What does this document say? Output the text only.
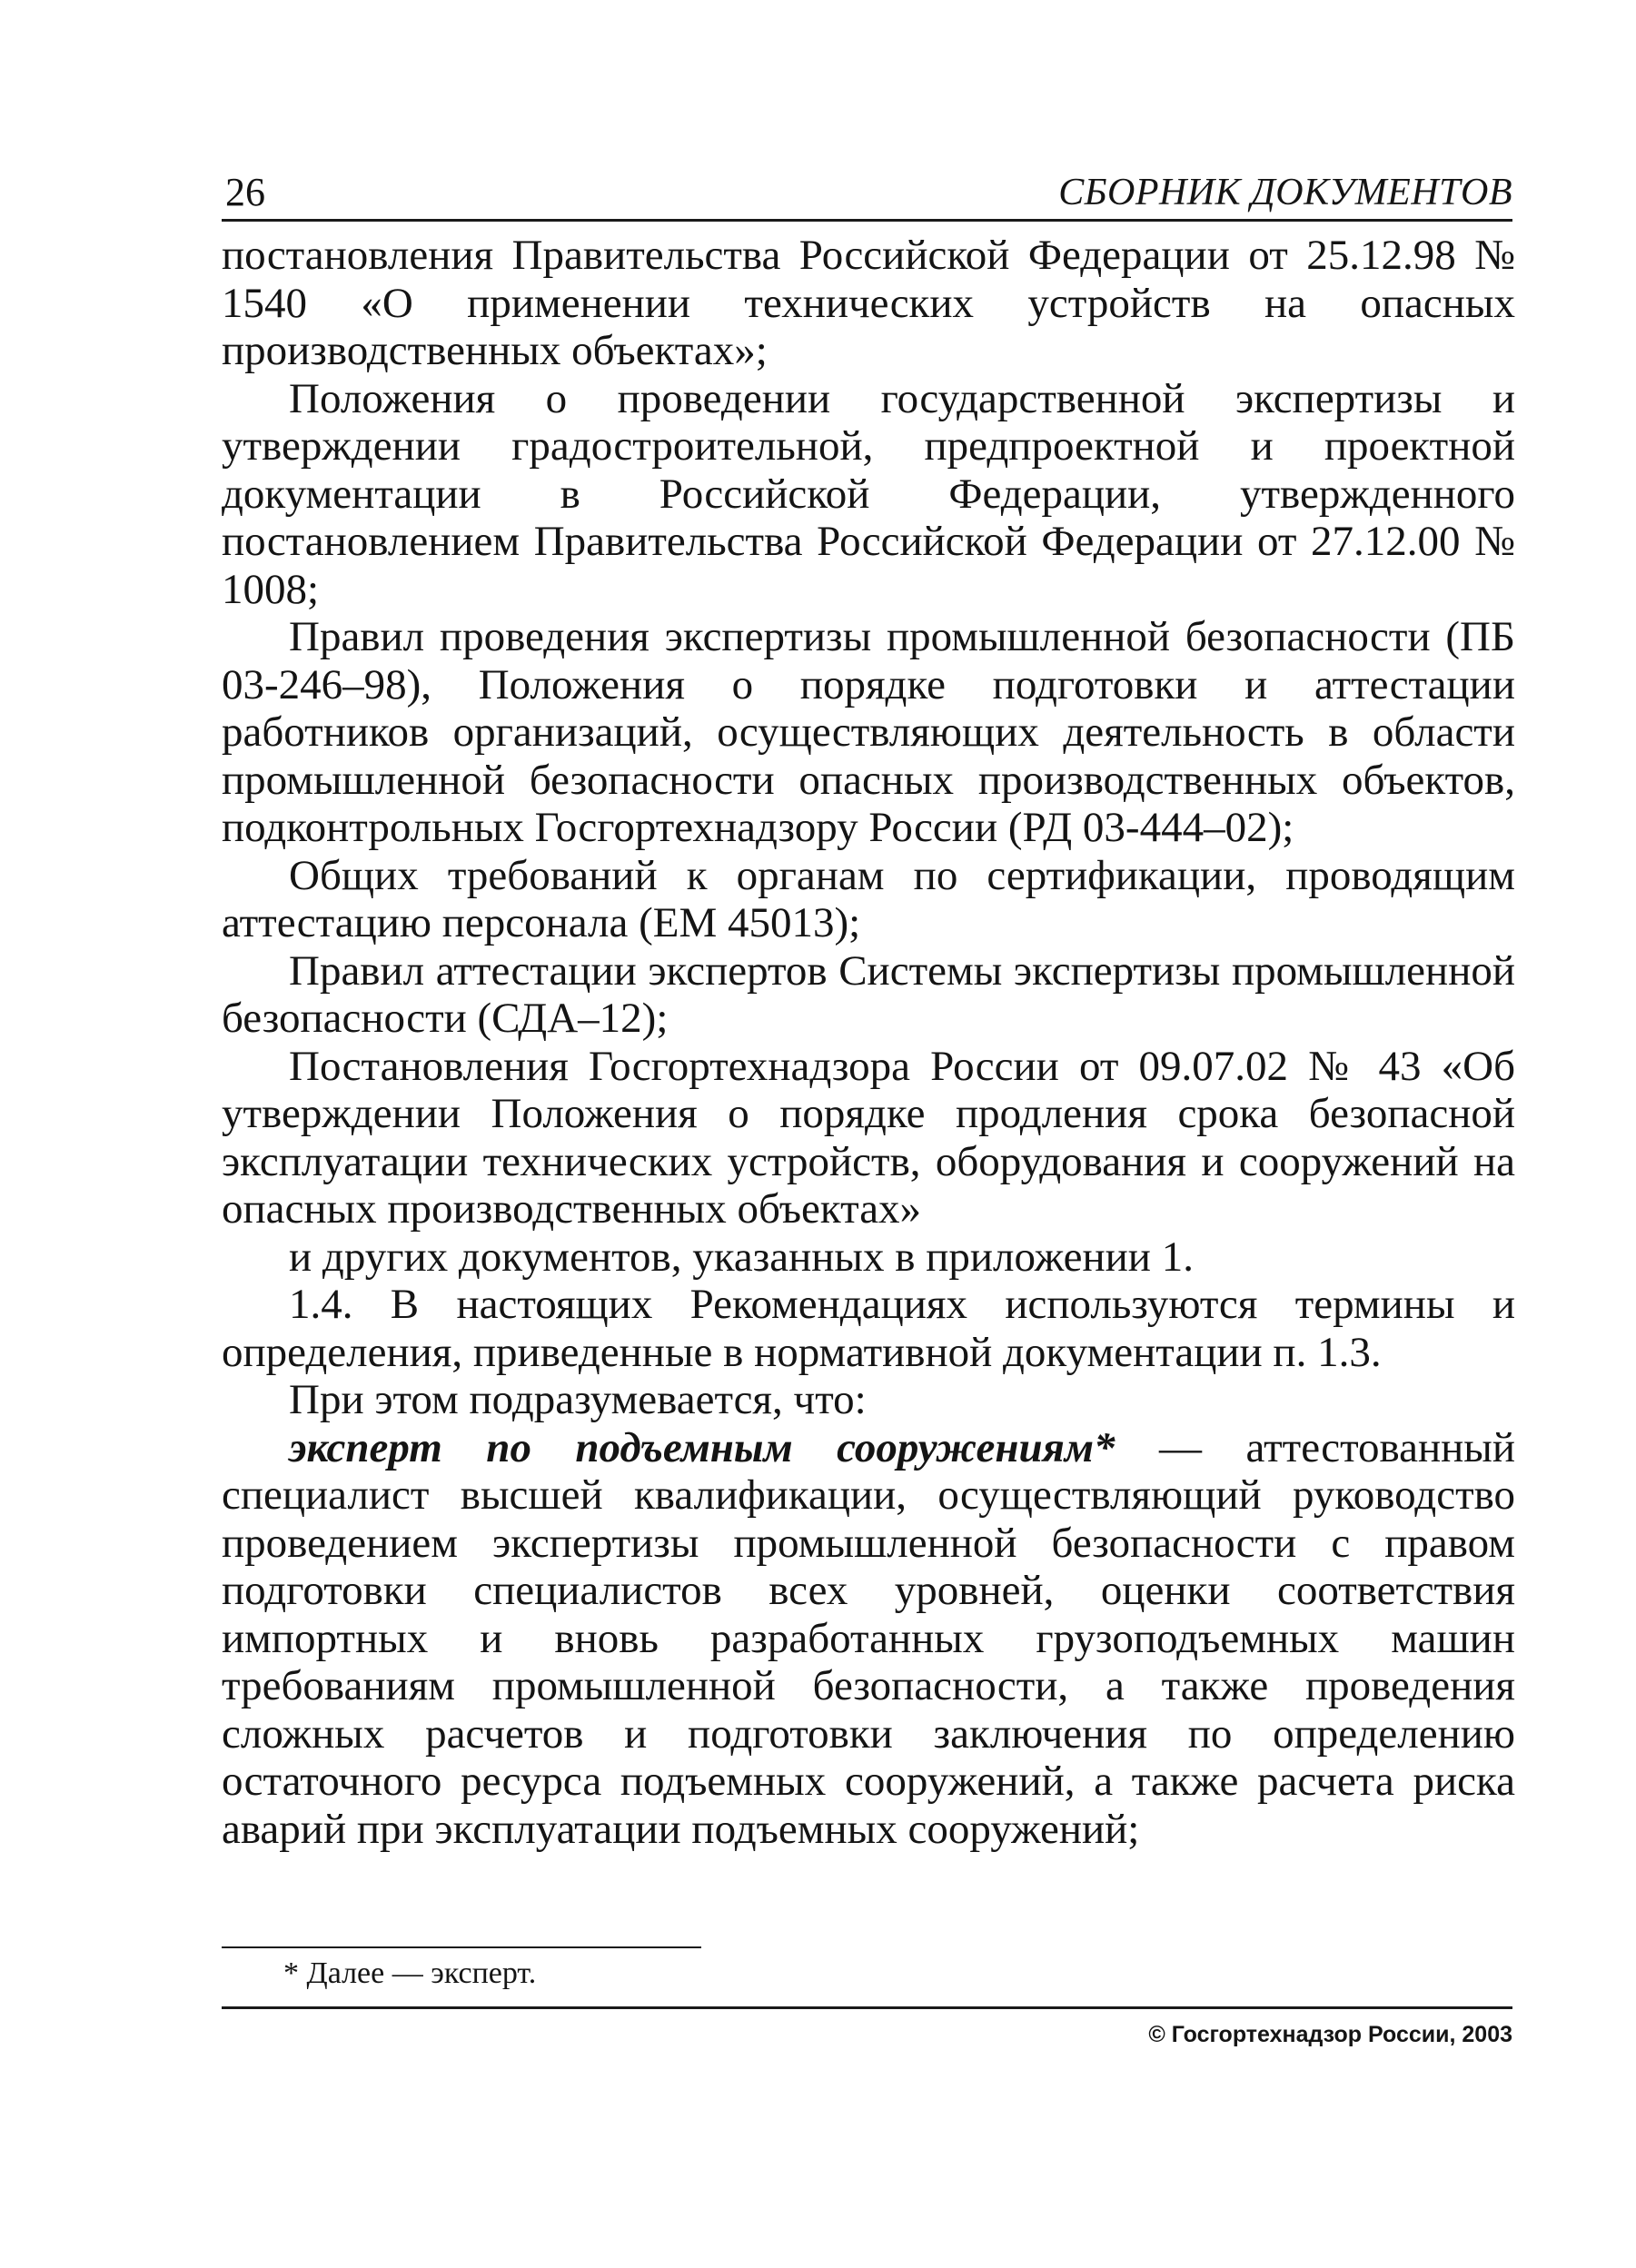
26	СБОРНИК ДОКУМЕНТОВ

постановления Правительства Российской Федерации от 25.12.98 № 1540 «О применении технических устройств на опасных производственных объектах»;

Положения о проведении государственной экспертизы и утверждении градостроительной, предпроектной и проектной документации в Российской Федерации, утвержденного постановлением Правительства Российской Федерации от 27.12.00 № 1008;

Правил проведения экспертизы промышленной безопасности (ПБ 03-246–98), Положения о порядке подготовки и аттестации работников организаций, осуществляющих деятельность в области промышленной безопасности опасных производственных объектов, подконтрольных Госгортехнадзору России (РД 03-444–02);

Общих требований к органам по сертификации, проводящим аттестацию персонала (ЕМ 45013);

Правил аттестации экспертов Системы экспертизы промышленной безопасности (СДА–12);

Постановления Госгортехнадзора России от 09.07.02 № 43 «Об утверждении Положения о порядке продления срока безопасной эксплуатации технических устройств, оборудования и сооружений на опасных производственных объектах»

и других документов, указанных в приложении 1.

1.4. В настоящих Рекомендациях используются термины и определения, приведенные в нормативной документации п. 1.3.

При этом подразумевается, что:

эксперт по подъемным сооружениям* — аттестованный специалист высшей квалификации, осуществляющий руководство проведением экспертизы промышленной безопасности с правом подготовки специалистов всех уровней, оценки соответствия импортных и вновь разработанных грузоподъемных машин требованиям промышленной безопасности, а также проведения сложных расчетов и подготовки заключения по определению остаточного ресурса подъемных сооружений, а также расчета риска аварий при эксплуатации подъемных сооружений;

* Далее — эксперт.
© Госгортехнадзор России, 2003
